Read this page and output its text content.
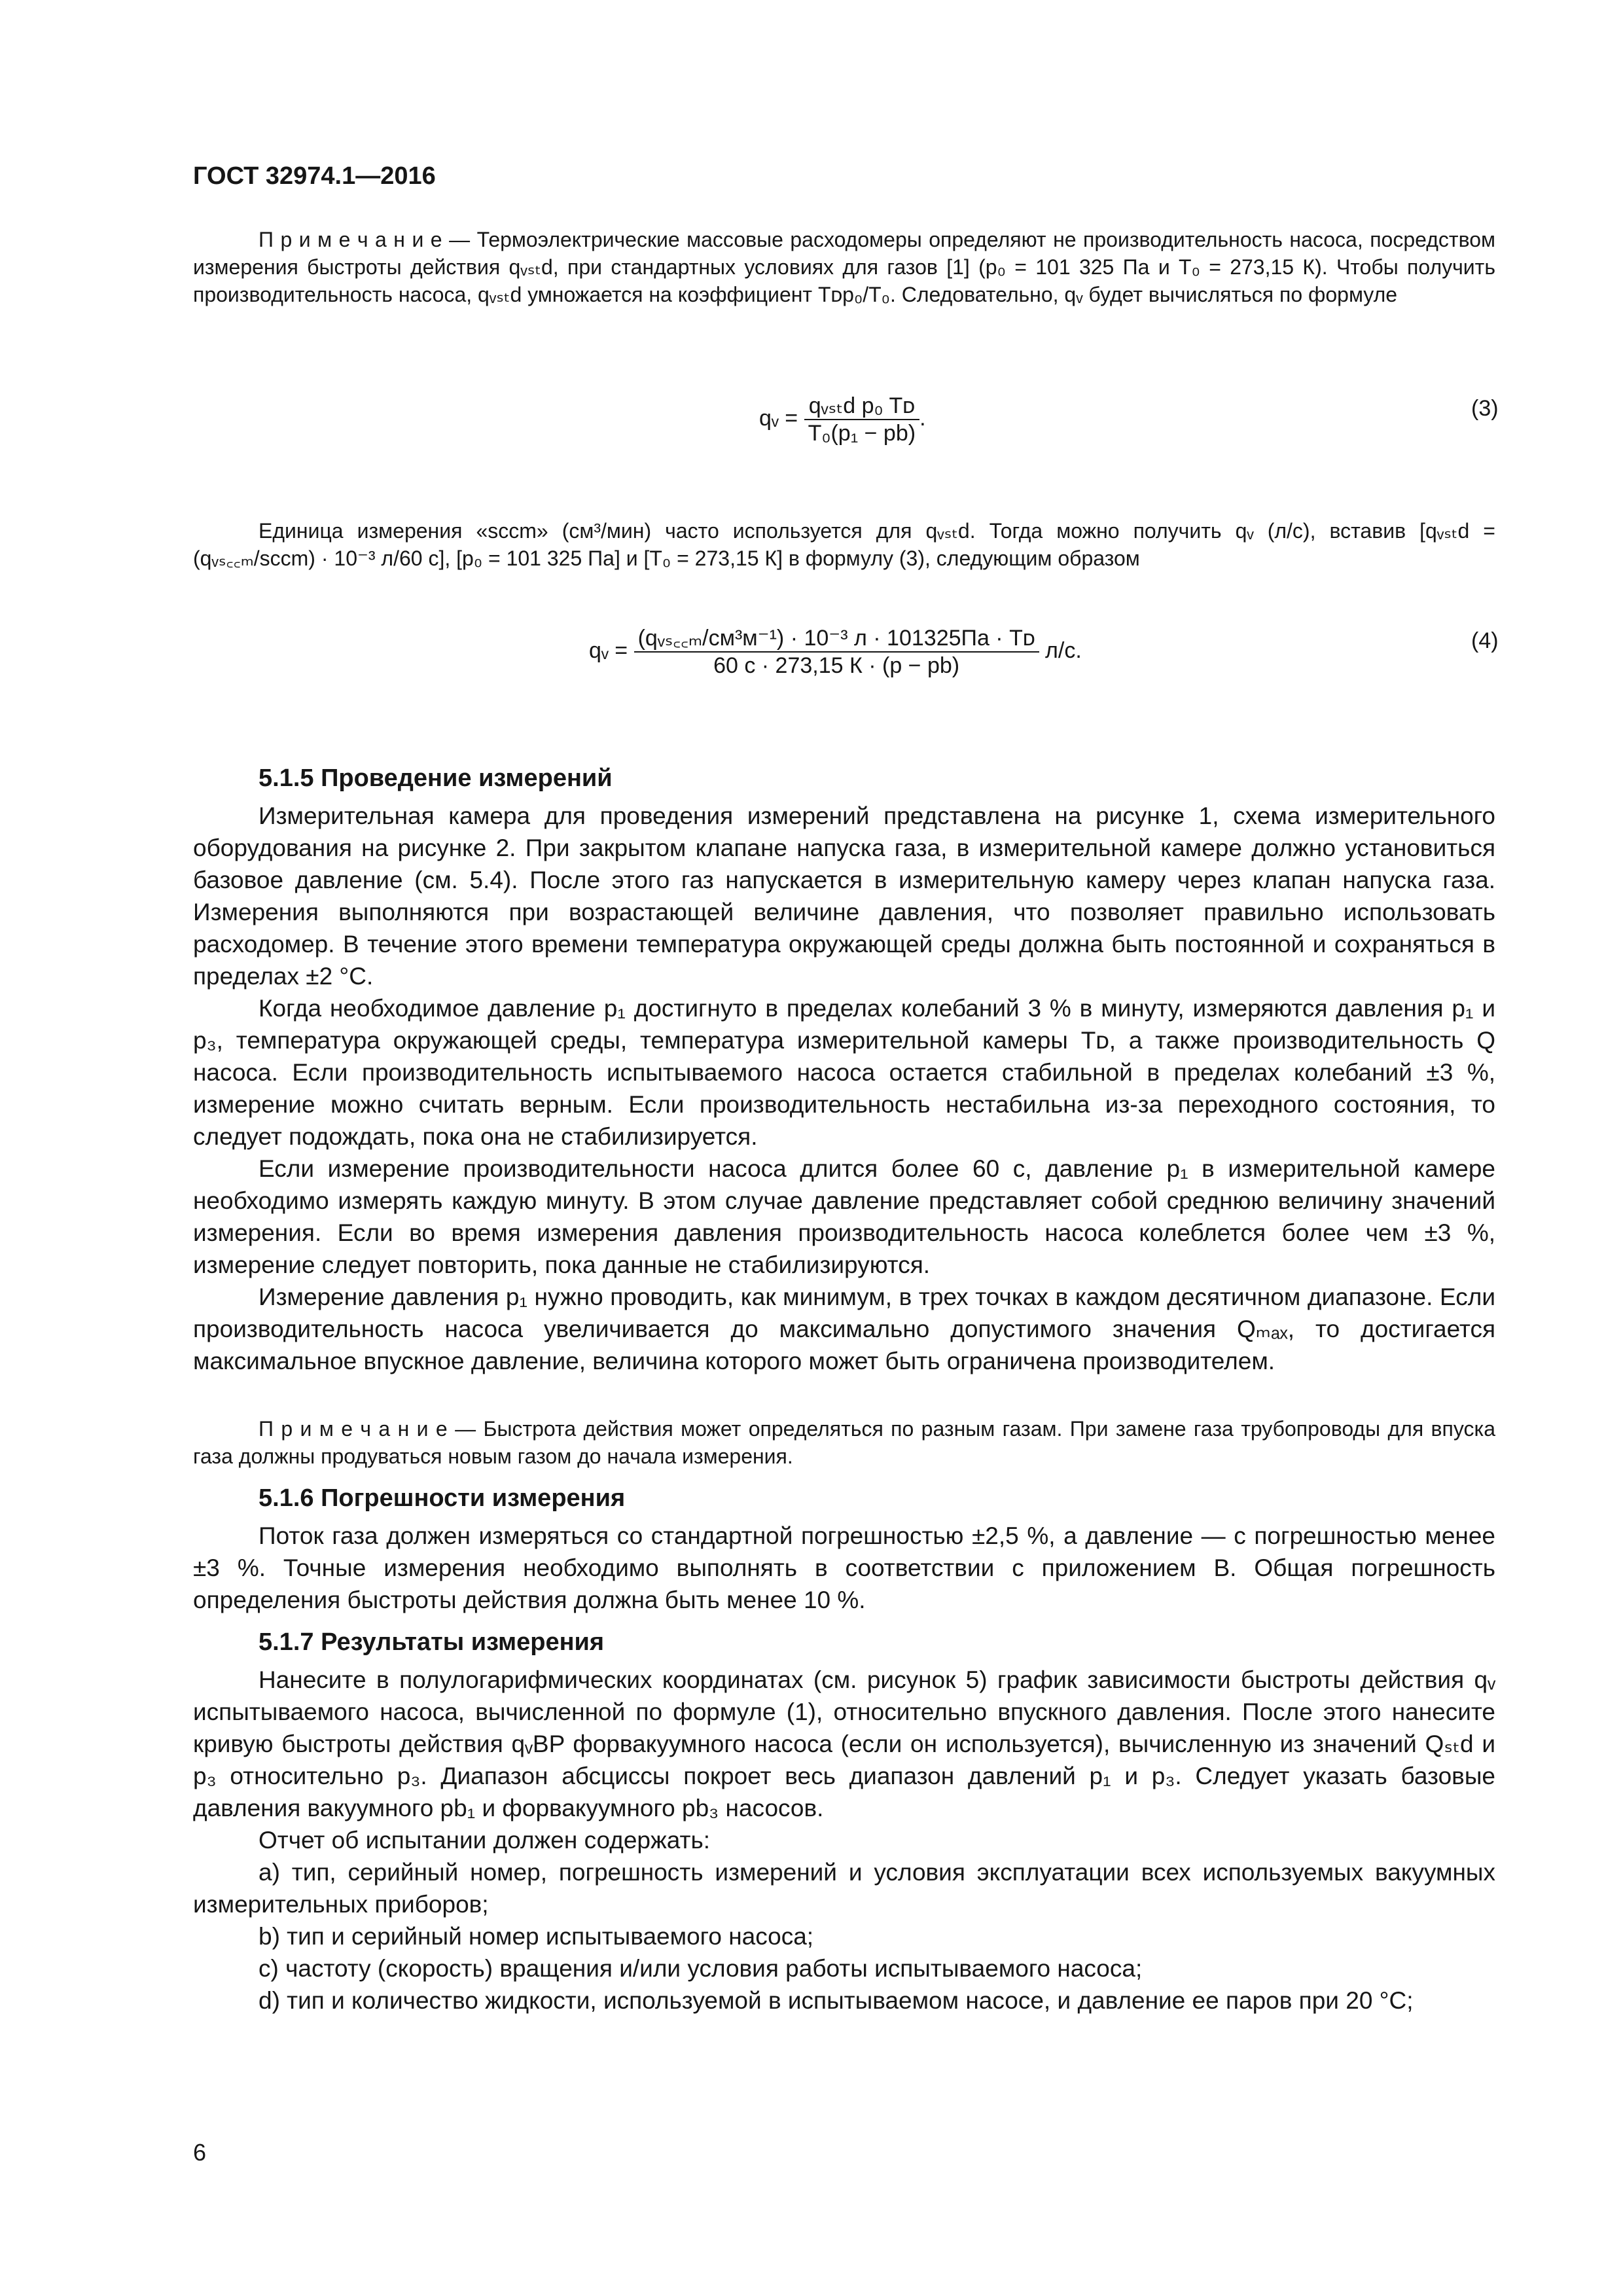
ГОСТ 32974.1—2016

П р и м е ч а н и е — Термоэлектрические массовые расходомеры определяют не производительность насоса, посредством измерения быстроты действия qᵥₛₜd, при стандартных условиях для газов [1] (p₀ = 101 325 Па и T₀ = 273,15 К). Чтобы получить производительность насоса, qᵥₛₜd умножается на коэффициент Tᴅp₀/T₀. Следовательно, qᵥ будет вычисляться по формуле

qᵥ = $\frac{\text{qᵥₛₜd p₀ Tᴅ}}{\text{T₀(p₁ − pb)}}$ .	(3)

Единица измерения «sccm» (см³/мин) часто используется для qᵥₛₜd. Тогда можно получить qᵥ (л/с), вставив [qᵥₛₜd = (qᵥₛ꜀꜀ₘ/sccm) · 10⁻³ л/60 с], [p₀ = 101 325 Па] и [T₀ = 273,15 К] в формулу (3), следующим образом

qᵥ = $\frac{\text{(qᵥₛ꜀꜀ₘ/см³м⁻¹) · 10⁻³ л · 101325Па · Tᴅ}}{60 с \cdot 273,15 К \cdot (p - pb)} л/с$.	(4)
5.1.5 Проведение измерений

Измерительная камера для проведения измерений представлена на рисунке 1, схема измерительного оборудования на рисунке 2. При закрытом клапане напуска газа, в измерительной камере должно установиться базовое давление (см. 5.4). После этого газ напускается в измерительную камеру через клапан напуска газа. Измерения выполняются при возрастающей величине давления, что позволяет правильно использовать расходомер. В течение этого времени температура окружающей среды должна быть постоянной и сохраняться в пределах ±2 °С.

Когда необходимое давление p₁ достигнуто в пределах колебаний 3 % в минуту, измеряются давления p₁ и p₃, температура окружающей среды, температура измерительной камеры Tᴅ, а также производительность Q насоса. Если производительность испытываемого насоса остается стабильной в пределах колебаний ±3 %, измерение можно считать верным. Если производительность нестабильна из-за переходного состояния, то следует подождать, пока она не стабилизируется.

Если измерение производительности насоса длится более 60 с, давление p₁ в измерительной камере необходимо измерять каждую минуту. В этом случае давление представляет собой среднюю величину значений измерения. Если во время измерения давления производительность насоса колеблется более чем ±3 %, измерение следует повторить, пока данные не стабилизируются.

Измерение давления p₁ нужно проводить, как минимум, в трех точках в каждом десятичном диапазоне. Если производительность насоса увеличивается до максимально допустимого значения Qₘₐₓ, то достигается максимальное впускное давление, величина которого может быть ограничена производителем.

П р и м е ч а н и е — Быстрота действия может определяться по разным газам. При замене газа трубопроводы для впуска газа должны продуваться новым газом до начала измерения.

5.1.6 Погрешности измерения

Поток газа должен измеряться со стандартной погрешностью ±2,5 %, а давление — с погрешностью менее ±3 %. Точные измерения необходимо выполнять в соответствии с приложением В. Общая погрешность определения быстроты действия должна быть менее 10 %.

5.1.7 Результаты измерения

Нанесите в полулогарифмических координатах (см. рисунок 5) график зависимости быстроты действия qᵥ испытываемого насоса, вычисленной по формуле (1), относительно впускного давления. После этого нанесите кривую быстроты действия qᵥBP форвакуумного насоса (если он используется), вычисленную из значений Qₛₜd и p₃ относительно p₃. Диапазон абсциссы покроет весь диапазон давлений p₁ и p₃. Следует указать базовые давления вакуумного pb₁ и форвакуумного pb₃ насосов.

Отчет об испытании должен содержать:

a) тип, серийный номер, погрешность измерений и условия эксплуатации всех используемых вакуумных измерительных приборов;

b) тип и серийный номер испытываемого насоса;

c) частоту (скорость) вращения и/или условия работы испытываемого насоса;

d) тип и количество жидкости, используемой в испытываемом насосе, и давление ее паров при 20 °С;

6
